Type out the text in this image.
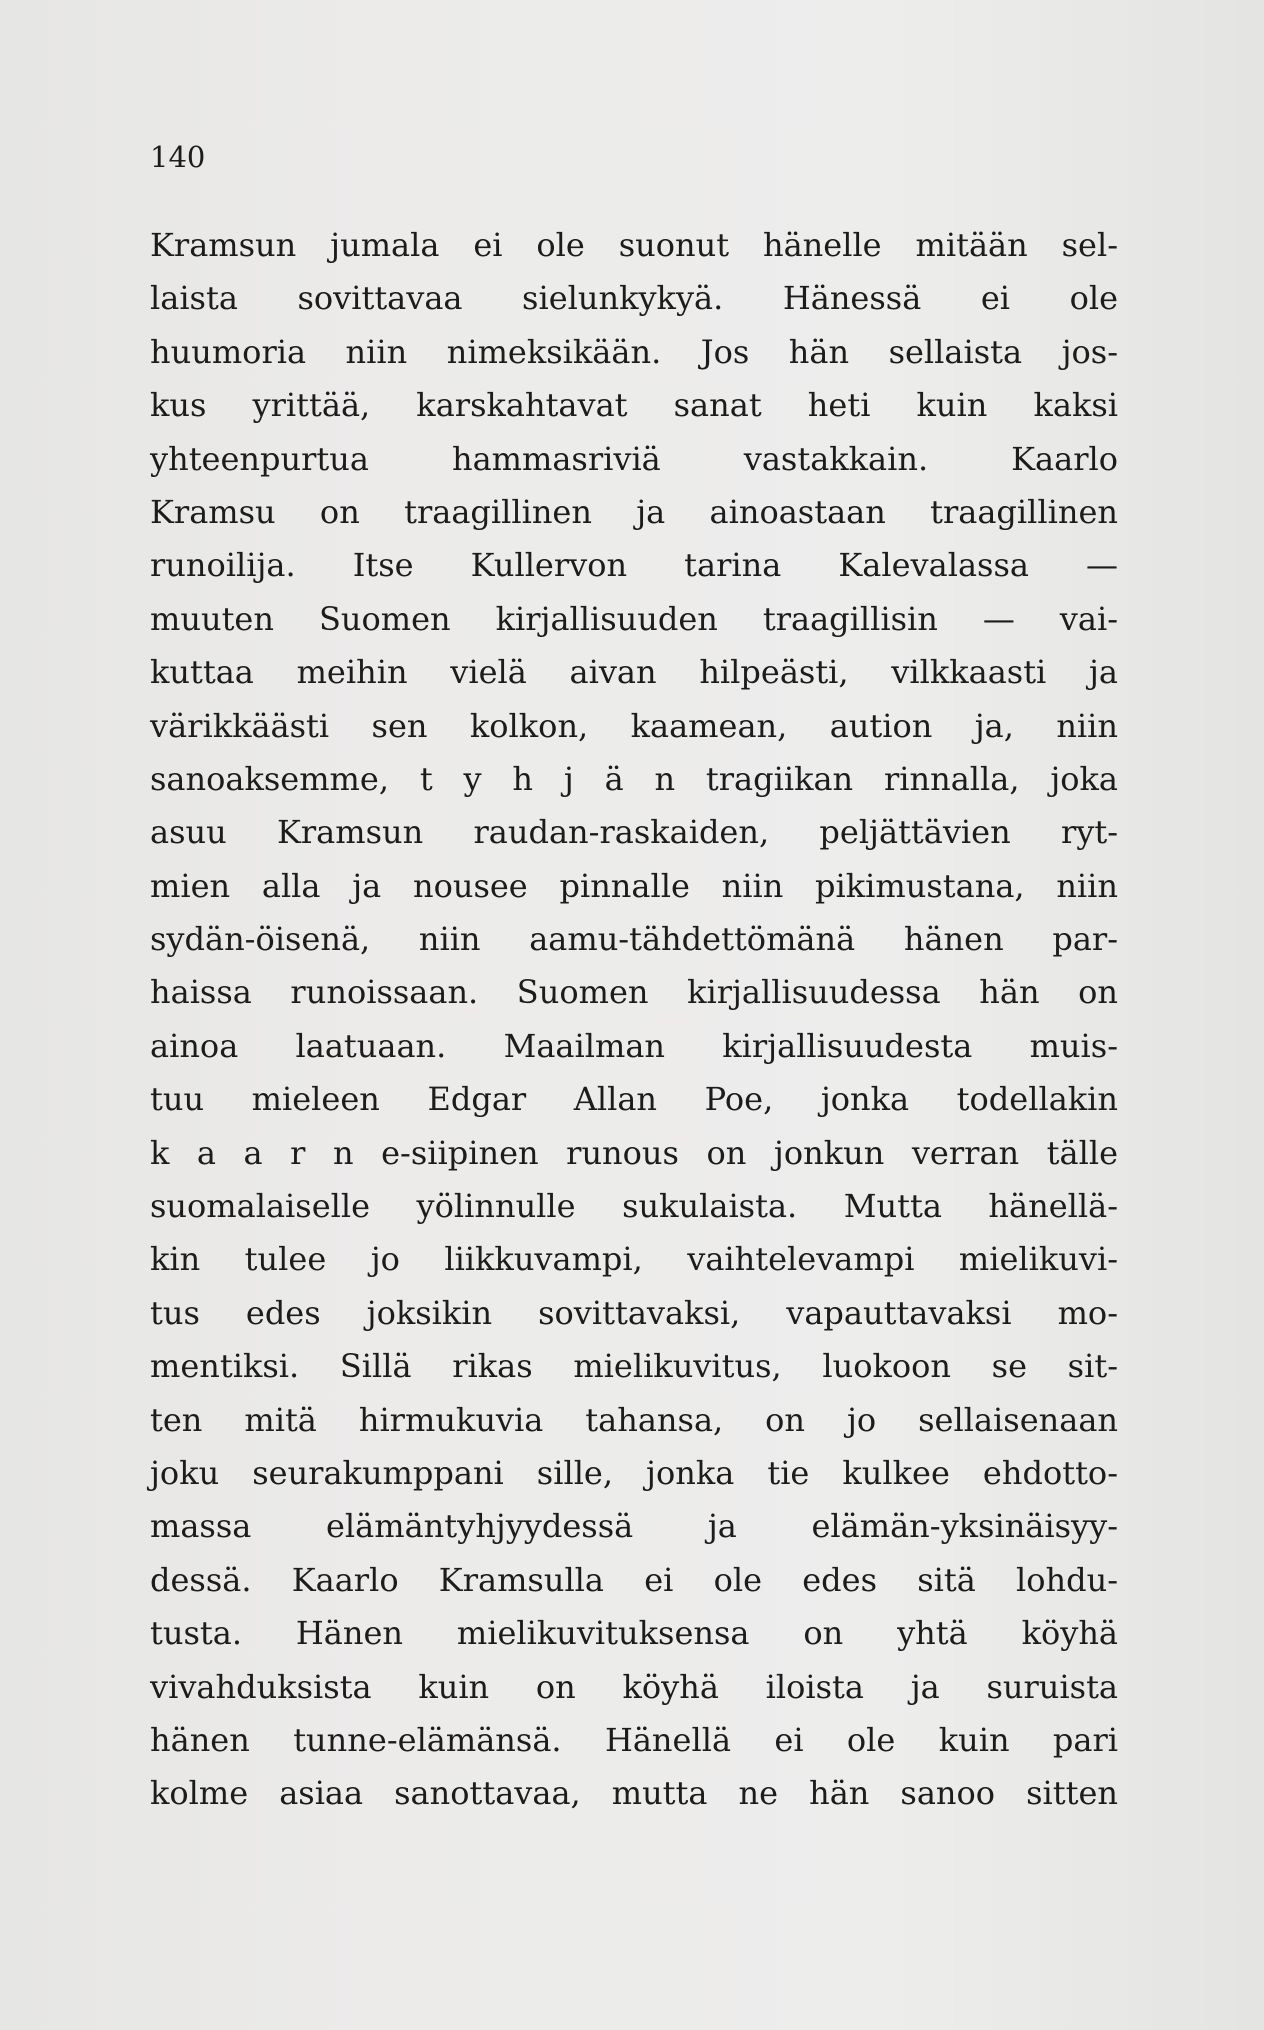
140
Kramsun jumala ei ole suonut hänelle mitään sel-
laista sovittavaa sielunkykyä. Hänessä ei ole
huumoria niin nimeksikään. Jos hän sellaista jos-
kus yrittää, karskahtavat sanat heti kuin kaksi
yhteenpurtua hammasriviä vastakkain. Kaarlo
Kramsu on traagillinen ja ainoastaan traagillinen
runoilija. Itse Kullervon tarina Kalevalassa —
muuten Suomen kirjallisuuden traagillisin — vai-
kuttaa meihin vielä aivan hilpeästi, vilkkaasti ja
värikkäästi sen kolkon, kaamean, aution ja, niin
sanoaksemme, t y h j ä n tragiikan rinnalla, joka
asuu Kramsun raudan-raskaiden, peljättävien ryt-
mien alla ja nousee pinnalle niin pikimustana, niin
sydän-öisenä, niin aamu-tähdettömänä hänen par-
haissa runoissaan. Suomen kirjallisuudessa hän on
ainoa laatuaan. Maailman kirjallisuudesta muis-
tuu mieleen Edgar Allan Poe, jonka todellakin
k a a r n e-siipinen runous on jonkun verran tälle
suomalaiselle yölinnulle sukulaista. Mutta hänellä-
kin tulee jo liikkuvampi, vaihtelevampi mielikuvi-
tus edes joksikin sovittavaksi, vapauttavaksi mo-
mentiksi. Sillä rikas mielikuvitus, luokoon se sit-
ten mitä hirmukuvia tahansa, on jo sellaisenaan
joku seurakumppani sille, jonka tie kulkee ehdotto-
massa elämäntyhjyydessä ja elämän-yksinäisyy-
dessä. Kaarlo Kramsulla ei ole edes sitä lohdu-
tusta. Hänen mielikuvituksensa on yhtä köyhä
vivahduksista kuin on köyhä iloista ja suruista
hänen tunne-elämänsä. Hänellä ei ole kuin pari
kolme asiaa sanottavaa, mutta ne hän sanoo sitten
